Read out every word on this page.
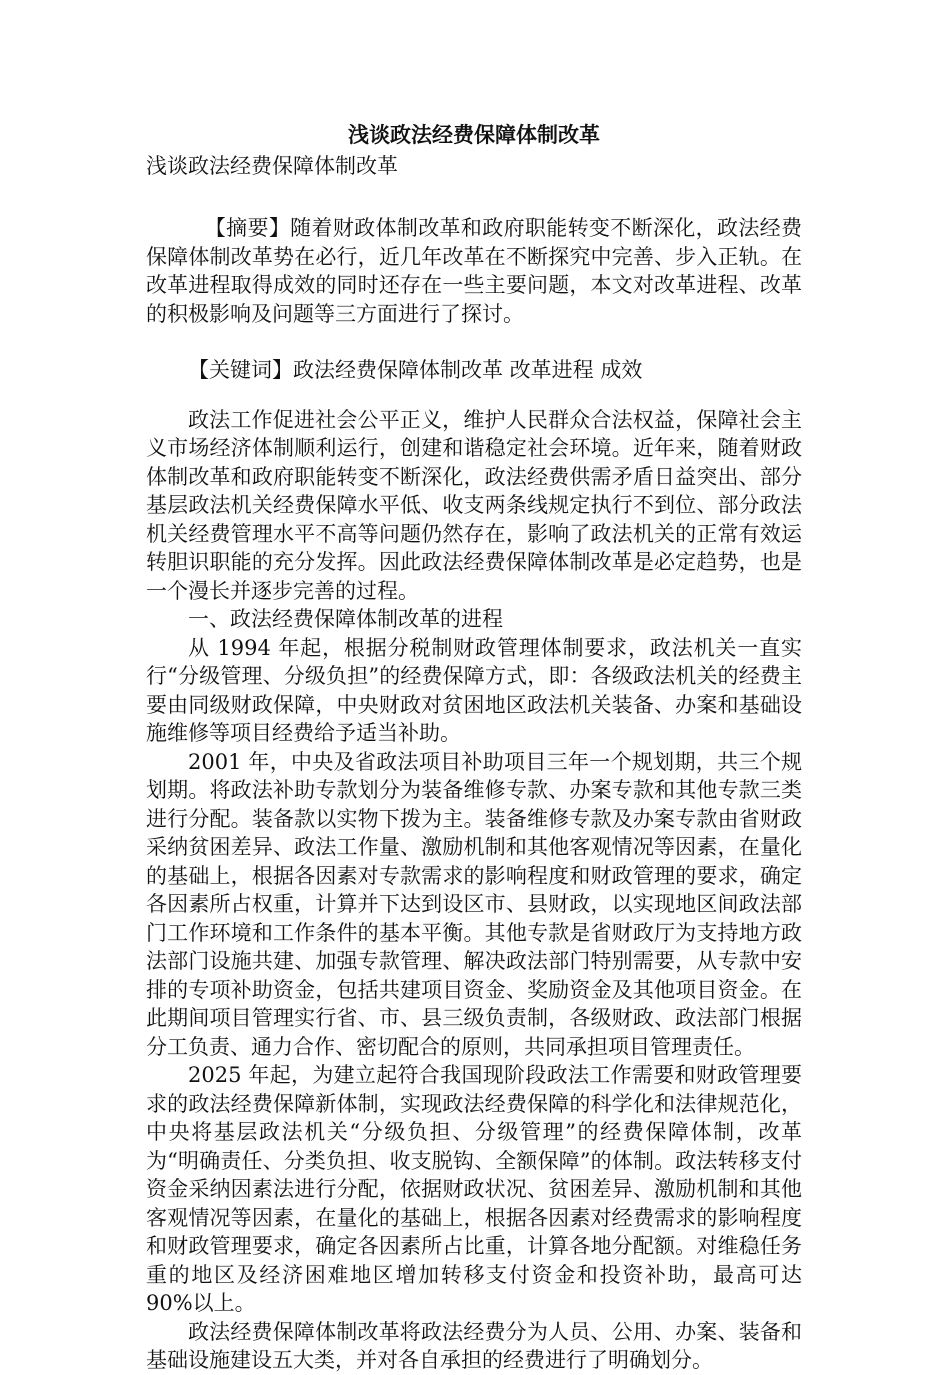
浅谈政法经费保障体制改革

浅谈政法经费保障体制改革

【摘要】随着财政体制改革和政府职能转变不断深化，政法经费保障体制改革势在必行，近几年改革在不断探究中完善、步入正轨。在改革进程取得成效的同时还存在一些主要问题，本文对改革进程、改革的积极影响及问题等三方面进行了探讨。

【关键词】政法经费保障体制改革 改革进程 成效

政法工作促进社会公平正义，维护人民群众合法权益，保障社会主义市场经济体制顺利运行，创建和谐稳定社会环境。近年来，随着财政体制改革和政府职能转变不断深化，政法经费供需矛盾日益突出、部分基层政法机关经费保障水平低、收支两条线规定执行不到位、部分政法机关经费管理水平不高等问题仍然存在，影响了政法机关的正常有效运转胆识职能的充分发挥。因此政法经费保障体制改革是必定趋势，也是一个漫长并逐步完善的过程。

一、政法经费保障体制改革的进程

从 1994 年起，根据分税制财政管理体制要求，政法机关一直实行“分级管理、分级负担”的经费保障方式，即：各级政法机关的经费主要由同级财政保障，中央财政对贫困地区政法机关装备、办案和基础设施维修等项目经费给予适当补助。

2001 年，中央及省政法项目补助项目三年一个规划期，共三个规划期。将政法补助专款划分为装备维修专款、办案专款和其他专款三类进行分配。装备款以实物下拨为主。装备维修专款及办案专款由省财政采纳贫困差异、政法工作量、激励机制和其他客观情况等因素，在量化的基础上，根据各因素对专款需求的影响程度和财政管理的要求，确定各因素所占权重，计算并下达到设区市、县财政，以实现地区间政法部门工作环境和工作条件的基本平衡。其他专款是省财政厅为支持地方政法部门设施共建、加强专款管理、解决政法部门特别需要，从专款中安排的专项补助资金，包括共建项目资金、奖励资金及其他项目资金。在此期间项目管理实行省、市、县三级负责制，各级财政、政法部门根据分工负责、通力合作、密切配合的原则，共同承担项目管理责任。

2025 年起，为建立起符合我国现阶段政法工作需要和财政管理要求的政法经费保障新体制，实现政法经费保障的科学化和法律规范化，中央将基层政法机关“分级负担、分级管理”的经费保障体制，改革为“明确责任、分类负担、收支脱钩、全额保障”的体制。政法转移支付资金采纳因素法进行分配，依据财政状况、贫困差异、激励机制和其他客观情况等因素，在量化的基础上，根据各因素对经费需求的影响程度和财政管理要求，确定各因素所占比重，计算各地分配额。对维稳任务重的地区及经济困难地区增加转移支付资金和投资补助，最高可达 90%以上。

政法经费保障体制改革将政法经费分为人员、公用、办案、装备和基础设施建设五大类，并对各自承担的经费进行了明确划分。
